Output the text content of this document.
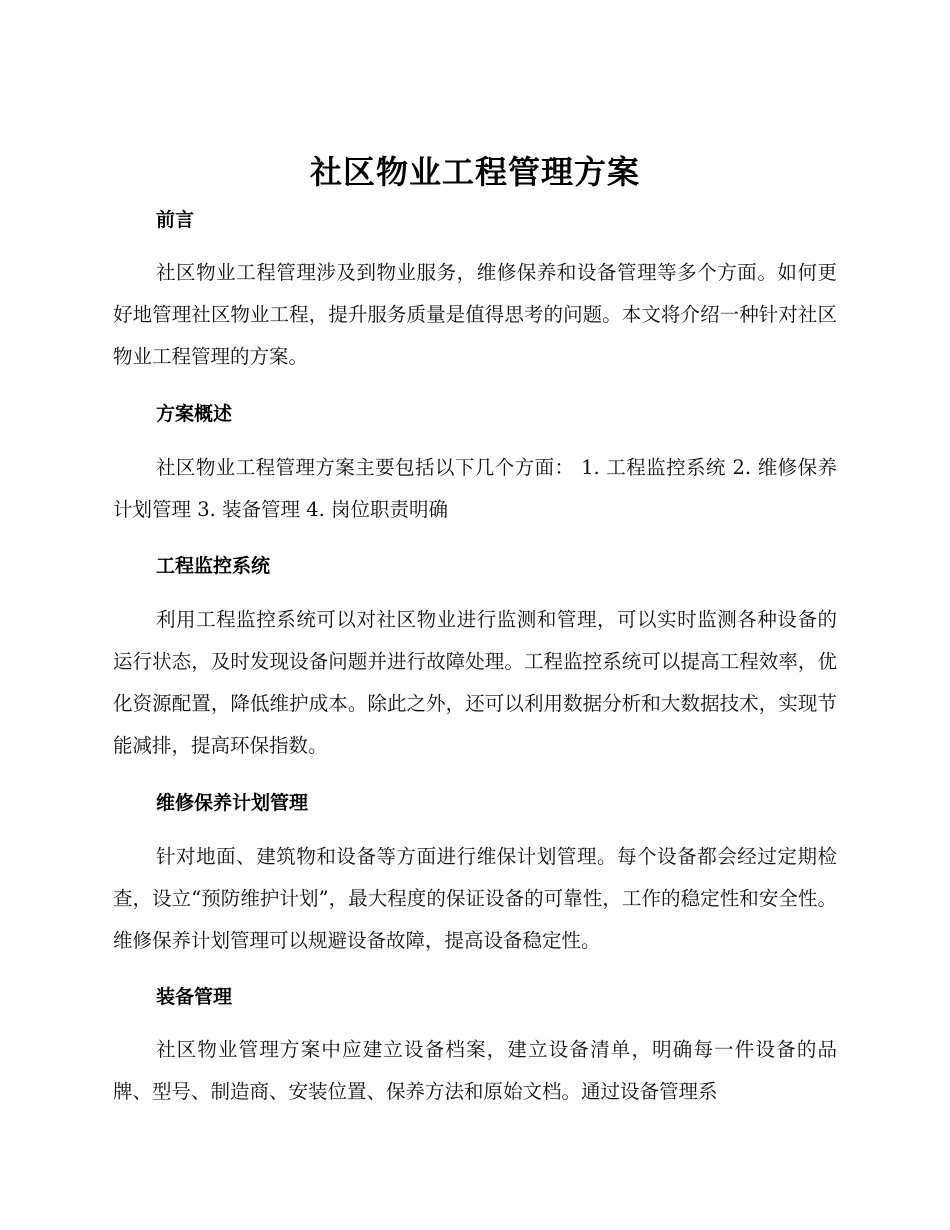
社区物业工程管理方案
前言

社区物业工程管理涉及到物业服务，维修保养和设备管理等多个方面。如何更好地管理社区物业工程，提升服务质量是值得思考的问题。本文将介绍一种针对社区物业工程管理的方案。

方案概述

社区物业工程管理方案主要包括以下几个方面： 1. 工程监控系统 2. 维修保养计划管理 3. 装备管理 4. 岗位职责明确

工程监控系统

利用工程监控系统可以对社区物业进行监测和管理，可以实时监测各种设备的运行状态，及时发现设备问题并进行故障处理。工程监控系统可以提高工程效率，优化资源配置，降低维护成本。除此之外，还可以利用数据分析和大数据技术，实现节能减排，提高环保指数。

维修保养计划管理

针对地面、建筑物和设备等方面进行维保计划管理。每个设备都会经过定期检查，设立“预防维护计划”，最大程度的保证设备的可靠性，工作的稳定性和安全性。维修保养计划管理可以规避设备故障，提高设备稳定性。

装备管理

社区物业管理方案中应建立设备档案，建立设备清单，明确每一件设备的品牌、型号、制造商、安装位置、保养方法和原始文档。通过设备管理系
